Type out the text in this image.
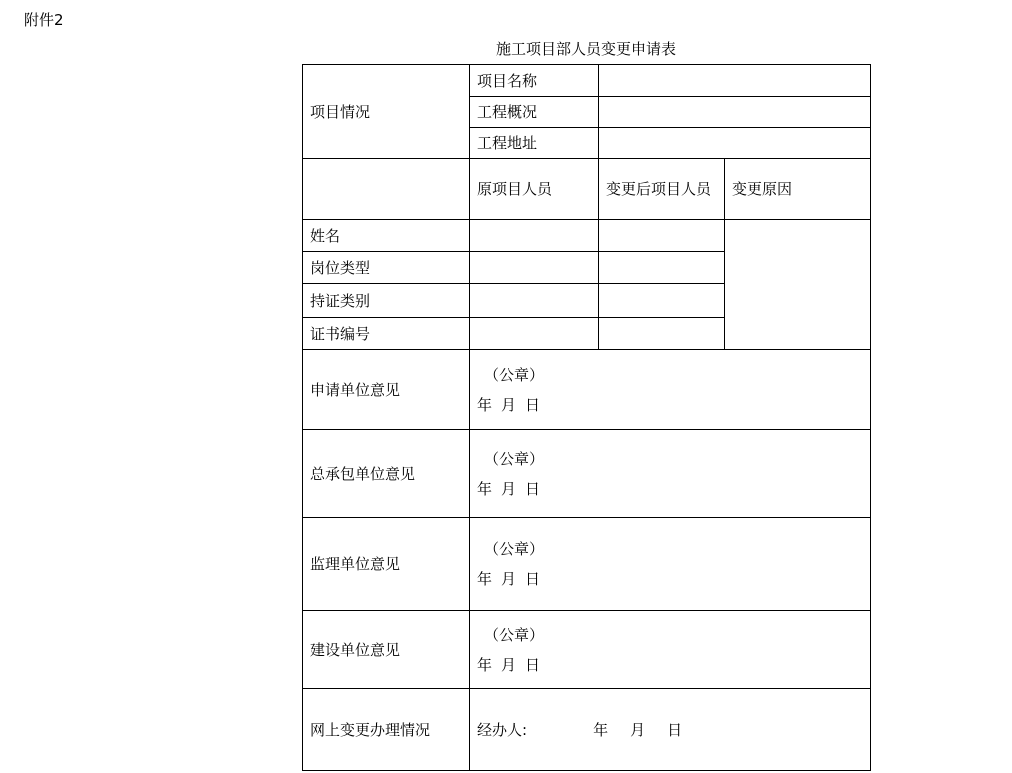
附件2
施工项目部人员变更申请表
项目情况	项目名称		
	工程概况		
	工程地址		
	原项目人员	变更后项目人员	变更原因
姓名			
岗位类型			
持证类别			
证书编号			
申请单位意见	（公章）
年 月 日		

总承包单位意见	（公章）
年 月 日		

监理单位意见	（公章）
年 月 日		

建设单位意见	（公章）
年 月 日		

网上变更办理情况	经办人: 年 月 日		
